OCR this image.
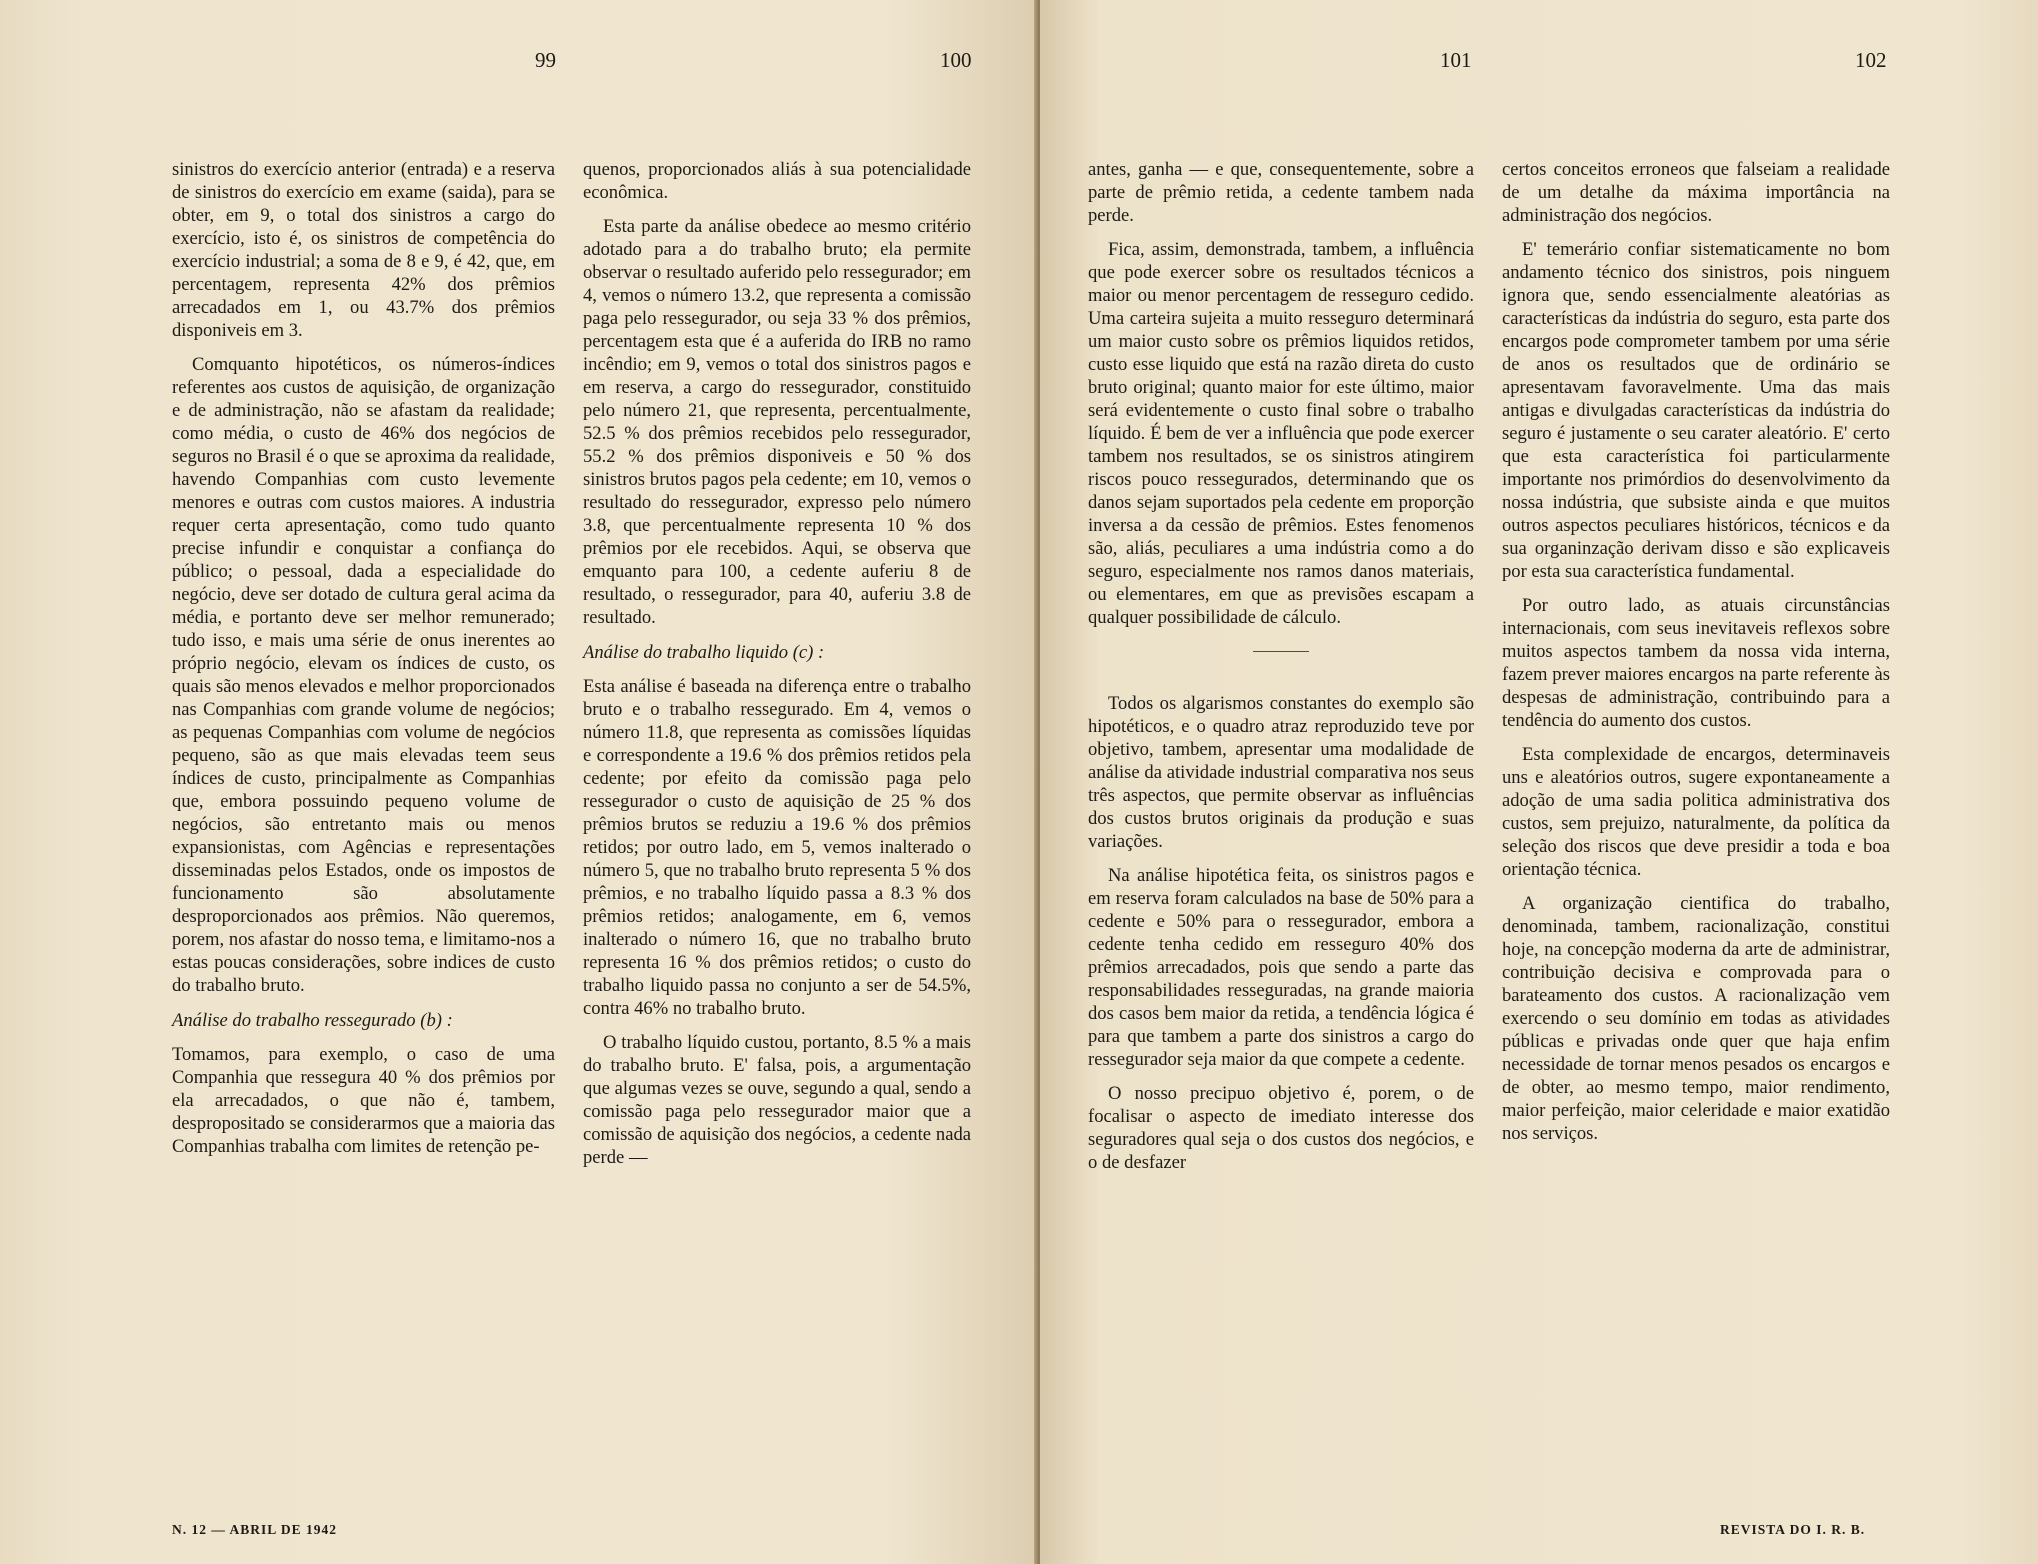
99	100

sinistros do exercício anterior (entrada) e a reserva de sinistros do exercício em exame (saida), para se obter, em 9, o total dos sinistros a cargo do exercício, isto é, os sinistros de competência do exercício industrial; a soma de 8 e 9, é 42, que, em percentagem, representa 42% dos prêmios arrecadados em 1, ou 43.7% dos prêmios disponiveis em 3.

Comquanto hipotéticos, os números-índices referentes aos custos de aquisição, de organização e de administração, não se afastam da realidade; como média, o custo de 46% dos negócios de seguros no Brasil é o que se aproxima da realidade, havendo Companhias com custo levemente menores e outras com custos maiores. A industria requer certa apresentação, como tudo quanto precise infundir e conquistar a confiança do público; o pessoal, dada a especialidade do negócio, deve ser dotado de cultura geral acima da média, e portanto deve ser melhor remunerado; tudo isso, e mais uma série de onus inerentes ao próprio negócio, elevam os índices de custo, os quais são menos elevados e melhor proporcionados nas Companhias com grande volume de negócios; as pequenas Companhias com volume de negócios pequeno, são as que mais elevadas teem seus índices de custo, principalmente as Companhias que, embora possuindo pequeno volume de negócios, são entretanto mais ou menos expansionistas, com Agências e representações disseminadas pelos Estados, onde os impostos de funcionamento são absolutamente desproporcionados aos prêmios. Não queremos, porem, nos afastar do nosso tema, e limitamo-nos a estas poucas considerações, sobre indices de custo do trabalho bruto.

Análise do trabalho ressegurado (b) :

Tomamos, para exemplo, o caso de uma Companhia que ressegura 40 % dos prêmios por ela arrecadados, o que não é, tambem, despropositado se considerarmos que a maioria das Companhias trabalha com limites de retenção pe-

quenos, proporcionados aliás à sua potencialidade econômica.

Esta parte da análise obedece ao mesmo critério adotado para a do trabalho bruto; ela permite observar o resultado auferido pelo ressegurador; em 4, vemos o número 13.2, que representa a comissão paga pelo ressegurador, ou seja 33 % dos prêmios, percentagem esta que é a auferida do IRB no ramo incêndio; em 9, vemos o total dos sinistros pagos e em reserva, a cargo do ressegurador, constituido pelo número 21, que representa, percentualmente, 52.5 % dos prêmios recebidos pelo ressegurador, 55.2 % dos prêmios disponiveis e 50 % dos sinistros brutos pagos pela cedente; em 10, vemos o resultado do ressegurador, expresso pelo número 3.8, que percentualmente representa 10 % dos prêmios por ele recebidos. Aqui, se observa que emquanto para 100, a cedente auferiu 8 de resultado, o ressegurador, para 40, auferiu 3.8 de resultado.

Análise do trabalho liquido (c) :

Esta análise é baseada na diferença entre o trabalho bruto e o trabalho ressegurado. Em 4, vemos o número 11.8, que representa as comissões líquidas e correspondente a 19.6 % dos prêmios retidos pela cedente; por efeito da comissão paga pelo ressegurador o custo de aquisição de 25 % dos prêmios brutos se reduziu a 19.6 % dos prêmios retidos; por outro lado, em 5, vemos inalterado o número 5, que no trabalho bruto representa 5 % dos prêmios, e no trabalho líquido passa a 8.3 % dos prêmios retidos; analogamente, em 6, vemos inalterado o número 16, que no trabalho bruto representa 16 % dos prêmios retidos; o custo do trabalho liquido passa no conjunto a ser de 54.5%, contra 46% no trabalho bruto.

O trabalho líquido custou, portanto, 8.5 % a mais do trabalho bruto. E' falsa, pois, a argumentação que algumas vezes se ouve, segundo a qual, sendo a comissão paga pelo ressegurador maior que a comissão de aquisição dos negócios, a cedente nada perde —

N. 12 — ABRIL DE 1942
101	102

antes, ganha — e que, consequentemente, sobre a parte de prêmio retida, a cedente tambem nada perde.

Fica, assim, demonstrada, tambem, a influência que pode exercer sobre os resultados técnicos a maior ou menor percentagem de resseguro cedido. Uma carteira sujeita a muito resseguro determinará um maior custo sobre os prêmios liquidos retidos, custo esse liquido que está na razão direta do custo bruto original; quanto maior for este último, maior será evidentemente o custo final sobre o trabalho líquido. É bem de ver a influência que pode exercer tambem nos resultados, se os sinistros atingirem riscos pouco ressegurados, determinando que os danos sejam suportados pela cedente em proporção inversa a da cessão de prêmios. Estes fenomenos são, aliás, peculiares a uma indústria como a do seguro, especialmente nos ramos danos materiais, ou elementares, em que as previsões escapam a qualquer possibilidade de cálculo.

Todos os algarismos constantes do exemplo são hipotéticos, e o quadro atraz reproduzido teve por objetivo, tambem, apresentar uma modalidade de análise da atividade industrial comparativa nos seus três aspectos, que permite observar as influências dos custos brutos originais da produção e suas variações.

Na análise hipotética feita, os sinistros pagos e em reserva foram calculados na base de 50% para a cedente e 50% para o ressegurador, embora a cedente tenha cedido em resseguro 40% dos prêmios arrecadados, pois que sendo a parte das responsabilidades resseguradas, na grande maioria dos casos bem maior da retida, a tendência lógica é para que tambem a parte dos sinistros a cargo do ressegurador seja maior da que compete a cedente.

O nosso precipuo objetivo é, porem, o de focalisar o aspecto de imediato interesse dos seguradores qual seja o dos custos dos negócios, e o de desfazer

certos conceitos erroneos que falseiam a realidade de um detalhe da máxima importância na administração dos negócios.

E' temerário confiar sistematicamente no bom andamento técnico dos sinistros, pois ninguem ignora que, sendo essencialmente aleatórias as características da indústria do seguro, esta parte dos encargos pode comprometer tambem por uma série de anos os resultados que de ordinário se apresentavam favoravelmente. Uma das mais antigas e divulgadas características da indústria do seguro é justamente o seu carater aleatório. E' certo que esta característica foi particularmente importante nos primórdios do desenvolvimento da nossa indústria, que subsiste ainda e que muitos outros aspectos peculiares históricos, técnicos e da sua organinzação derivam disso e são explicaveis por esta sua característica fundamental.

Por outro lado, as atuais circunstâncias internacionais, com seus inevitaveis reflexos sobre muitos aspectos tambem da nossa vida interna, fazem prever maiores encargos na parte referente às despesas de administração, contribuindo para a tendência do aumento dos custos.

Esta complexidade de encargos, determinaveis uns e aleatórios outros, sugere expontaneamente a adoção de uma sadia politica administrativa dos custos, sem prejuizo, naturalmente, da política da seleção dos riscos que deve presidir a toda e boa orientação técnica.

A organização cientifica do trabalho, denominada, tambem, racionalização, constitui hoje, na concepção moderna da arte de administrar, contribuição decisiva e comprovada para o barateamento dos custos. A racionalização vem exercendo o seu domínio em todas as atividades públicas e privadas onde quer que haja enfim necessidade de tornar menos pesados os encargos e de obter, ao mesmo tempo, maior rendimento, maior perfeição, maior celeridade e maior exatidão nos serviços.

REVISTA DO I. R. B.
